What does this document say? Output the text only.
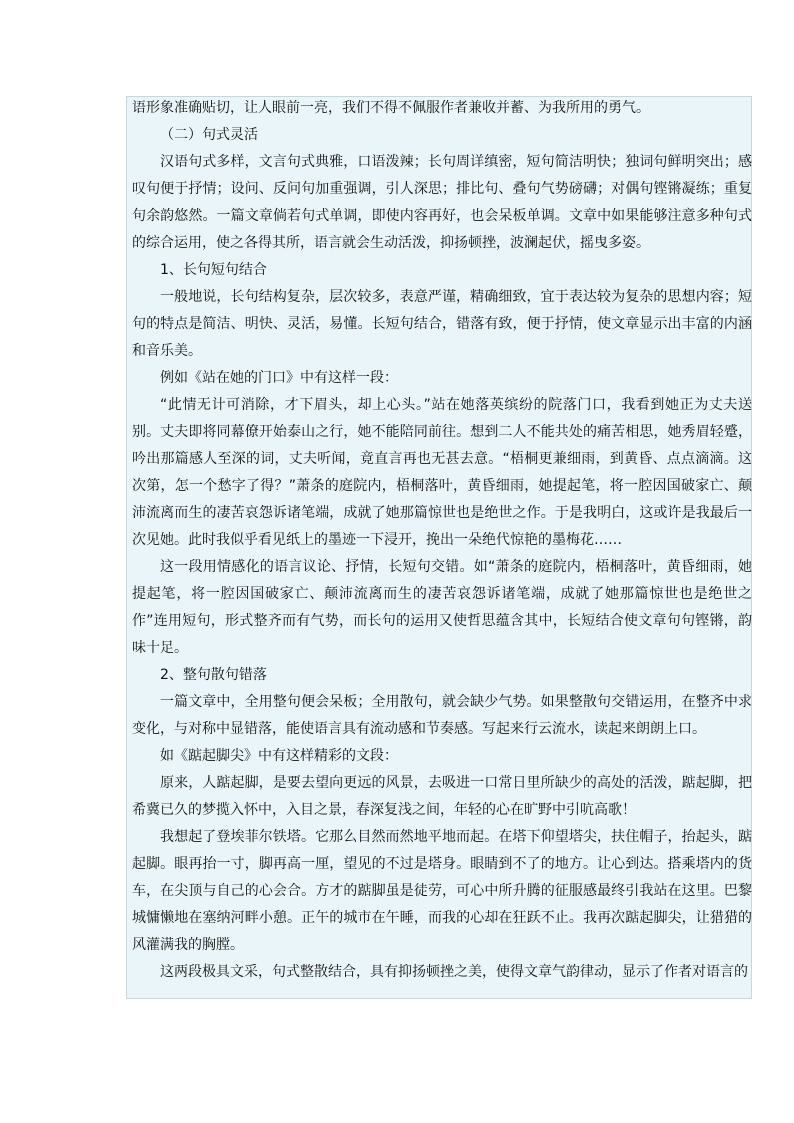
语形象准确贴切，让人眼前一亮，我们不得不佩服作者兼收并蓄、为我所用的勇气。

（二）句式灵活

汉语句式多样，文言句式典雅，口语泼辣；长句周详缜密，短句简洁明快；独词句鲜明突出；感叹句便于抒情；设问、反问句加重强调，引人深思；排比句、叠句气势磅礴；对偶句铿锵凝练；重复句余韵悠然。一篇文章倘若句式单调，即使内容再好，也会呆板单调。文章中如果能够注意多种句式的综合运用，使之各得其所，语言就会生动活泼，抑扬顿挫，波澜起伏，摇曳多姿。

1、长句短句结合

一般地说，长句结构复杂，层次较多，表意严谨，精确细致，宜于表达较为复杂的思想内容；短句的特点是简洁、明快、灵活，易懂。长短句结合，错落有致，便于抒情，使文章显示出丰富的内涵和音乐美。

例如《站在她的门口》中有这样一段：

“此情无计可消除，才下眉头，却上心头。”站在她落英缤纷的院落门口，我看到她正为丈夫送别。丈夫即将同幕僚开始泰山之行，她不能陪同前往。想到二人不能共处的痛苦相思，她秀眉轻蹙，吟出那篇感人至深的词，丈夫听闻，竟直言再也无甚去意。“梧桐更兼细雨，到黄昏、点点滴滴。这次第，怎一个愁字了得？”萧条的庭院内，梧桐落叶，黄昏细雨，她提起笔，将一腔因国破家亡、颠沛流离而生的凄苦哀怨诉诸笔端，成就了她那篇惊世也是绝世之作。于是我明白，这或许是我最后一次见她。此时我似乎看见纸上的墨迹一下浸开，挽出一朵绝代惊艳的墨梅花……

这一段用情感化的语言议论、抒情，长短句交错。如“萧条的庭院内，梧桐落叶，黄昏细雨，她提起笔，将一腔因国破家亡、颠沛流离而生的凄苦哀怨诉诸笔端，成就了她那篇惊世也是绝世之作”连用短句，形式整齐而有气势，而长句的运用又使哲思蕴含其中，长短结合使文章句句铿锵，韵味十足。

2、整句散句错落

一篇文章中，全用整句便会呆板；全用散句，就会缺少气势。如果整散句交错运用，在整齐中求变化，与对称中显错落，能使语言具有流动感和节奏感。写起来行云流水，读起来朗朗上口。

如《踮起脚尖》中有这样精彩的文段：

原来，人踮起脚，是要去望向更远的风景，去吸进一口常日里所缺少的高处的活泼，踮起脚，把希冀已久的梦揽入怀中，入目之景，春深复浅之间，年轻的心在旷野中引吭高歌！

我想起了登埃菲尔铁塔。它那么目然而然地平地而起。在塔下仰望塔尖，扶住帽子，抬起头，踮起脚。眼再抬一寸，脚再高一厘，望见的不过是塔身。眼睛到不了的地方。让心到达。搭乘塔内的货车，在尖顶与自己的心会合。方才的踮脚虽是徒劳，可心中所升腾的征服感最终引我站在这里。巴黎城慵懒地在塞纳河畔小憩。正午的城市在午睡，而我的心却在狂跃不止。我再次踮起脚尖，让猎猎的风灌满我的胸膛。

这两段极具文采，句式整散结合，具有抑扬顿挫之美，使得文章气韵律动，显示了作者对语言的
